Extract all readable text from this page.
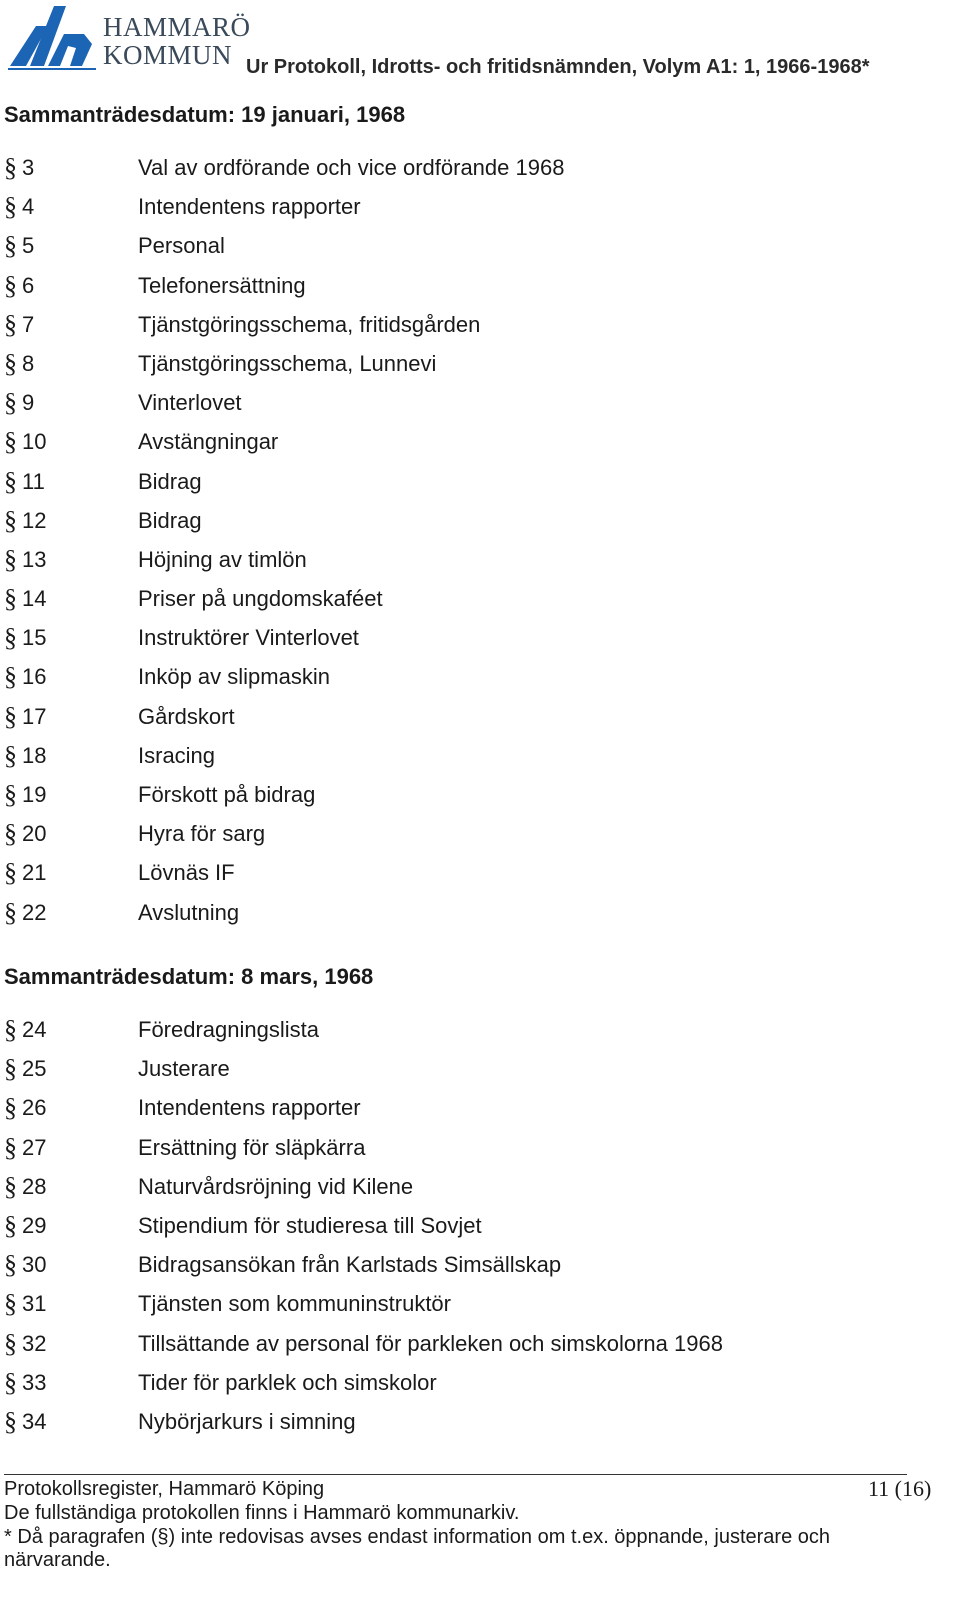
HAMMARÖ
KOMMUN Ur Protokoll, Idrotts- och fritidsnämnden, Volym A1: 1, 1966-1968*
Sammanträdesdatum: 19 januari, 1968
§ 3	Val av ordförande och vice ordförande 1968
§ 4	Intendentens rapporter
§ 5	Personal
§ 6	Telefonersättning
§ 7	Tjänstgöringsschema, fritidsgården
§ 8	Tjänstgöringsschema, Lunnevi
§ 9	Vinterlovet
§ 10	Avstängningar
§ 11	Bidrag
§ 12	Bidrag
§ 13	Höjning av timlön
§ 14	Priser på ungdomskaféet
§ 15	Instruktörer Vinterlovet
§ 16	Inköp av slipmaskin
§ 17	Gårdskort
§ 18	Isracing
§ 19	Förskott på bidrag
§ 20	Hyra för sarg
§ 21	Lövnäs IF
§ 22	Avslutning
Sammanträdesdatum: 8 mars, 1968
§ 24	Föredragningslista
§ 25	Justerare
§ 26	Intendentens rapporter
§ 27	Ersättning för släpkärra
§ 28	Naturvårdsröjning vid Kilene
§ 29	Stipendium för studieresa till Sovjet
§ 30	Bidragsansökan från Karlstads Simsällskap
§ 31	Tjänsten som kommuninstruktör
§ 32	Tillsättande av personal för parkleken och simskolorna 1968
§ 33	Tider för parklek och simskolor
§ 34	Nybörjarkurs i simning
Protokollsregister, Hammarö Köping	11 (16)
De fullständiga protokollen finns i Hammarö kommunarkiv.
* Då paragrafen (§) inte redovisas avses endast information om t.ex. öppnande, justerare och
närvarande.
